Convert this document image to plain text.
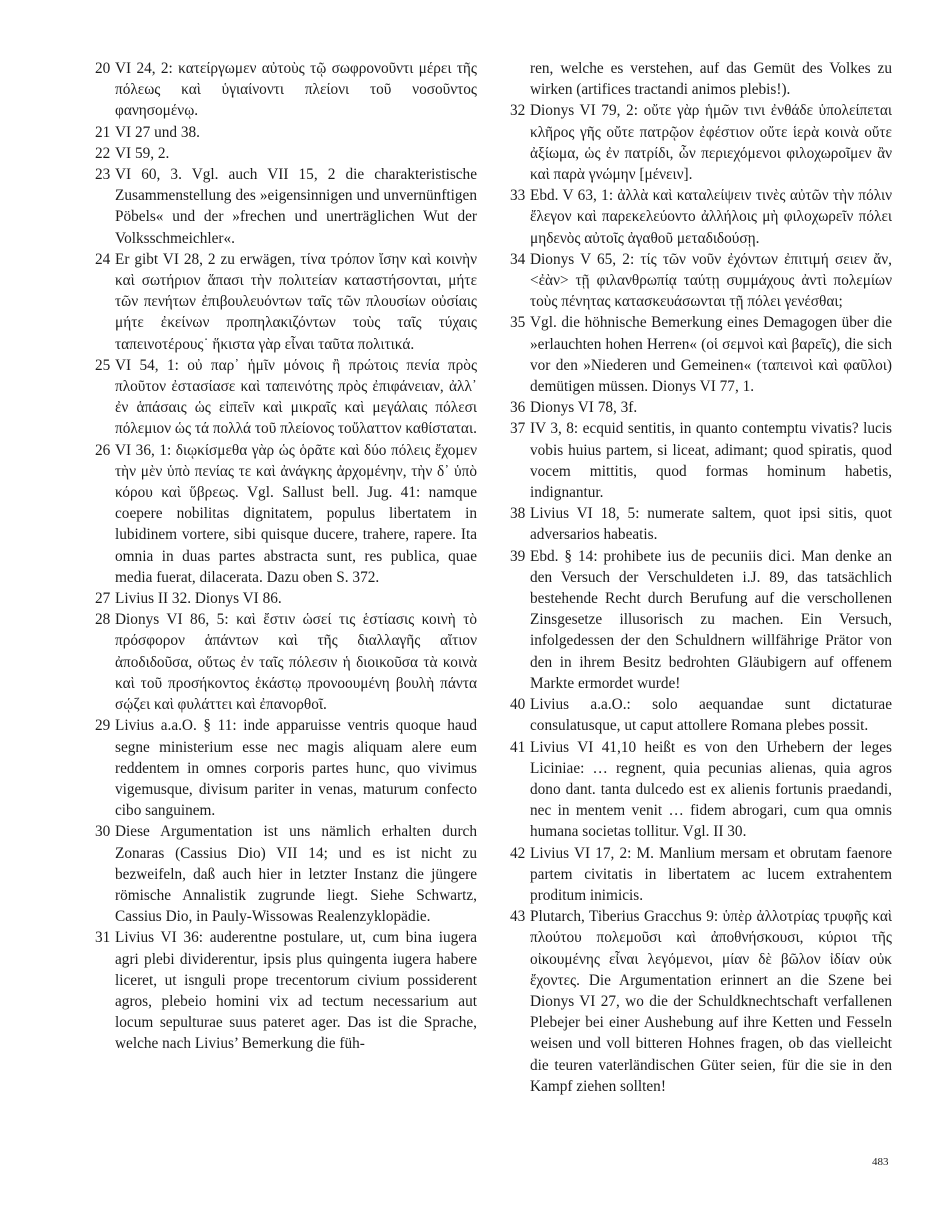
20 VI 24, 2: κατείργωμεν αὐτοὺς τῷ σωφρονοῦντι μέρει τῆς πόλεως καὶ ὑγιαίνοντι πλείονι τοῦ νοσοῦντος φανησομένῳ.

21 VI 27 und 38.

22 VI 59, 2.

23 VI 60, 3. Vgl. auch VII 15, 2 die charakteristische Zusammenstellung des »eigensinnigen und unvernünftigen Pöbels« und der »frechen und unerträglichen Wut der Volksschmeichler«.

24 Er gibt VI 28, 2 zu erwägen, τίνα τρόπον ἴσην καὶ κοινὴν καὶ σωτήριον ἅπασι τὴν πολιτείαν καταστήσονται, μήτε τῶν πενήτων ἐπιβουλευόντων ταῖς τῶν πλουσίων οὐσίαις μήτε ἐκείνων προπηλακιζόντων τοὺς ταῖς τύχαις ταπεινοτέρους˙ ἥκιστα γὰρ εἶναι ταῦτα πολιτικά.

25 VI 54, 1: οὐ παρ᾽ ἡμῖν μόνοις ἢ πρώτοις πενία πρὸς πλοῦτον ἐστασίασε καὶ ταπεινότης πρὸς ἐπιφάνειαν, ἀλλ᾽ ἐν ἁπάσαις ὡς εἰπεῖν καὶ μικραῖς καὶ μεγάλαις πόλεσι πόλεμιον ὡς τά πολλά τοῦ πλείονος τοὔλαττον καθίσταται.

26 VI 36, 1: διῳκίσμεθα γὰρ ὡς ὁρᾶτε καὶ δύο πόλεις ἔχομεν τὴν μὲν ὑπὸ πενίας τε καὶ ἀνάγκης ἀρχομένην, τὴν δ᾽ ὑπὸ κόρου καὶ ὕβρεως. Vgl. Sallust bell. Jug. 41: namque coepere nobilitas dignitatem, populus libertatem in lubidinem vortere, sibi quisque ducere, trahere, rapere. Ita omnia in duas partes abstracta sunt, res publica, quae media fuerat, dilacerata. Dazu oben S. 372.

27 Livius II 32. Dionys VI 86.

28 Dionys VI 86, 5: καὶ ἔστιν ὡσεί τις ἑστίασις κοινὴ τὸ πρόσφορον ἁπάντων καὶ τῆς διαλλαγῆς αἴτιον ἀποδιδοῦσα, οὕτως ἐν ταῖς πόλεσιν ἡ διοικοῦσα τὰ κοινὰ καὶ τοῦ προσήκοντος ἑκάστῳ προνοουμένη βουλὴ πάντα σῴζει καὶ φυλάττει καὶ ἐπανορθοῖ.

29 Livius a.a.O. § 11: inde apparuisse ventris quoque haud segne ministerium esse nec magis aliquam alere eum reddentem in omnes corporis partes hunc, quo vivimus vigemusque, divisum pariter in venas, maturum confecto cibo sanguinem.

30 Diese Argumentation ist uns nämlich erhalten durch Zonaras (Cassius Dio) VII 14; und es ist nicht zu bezweifeln, daß auch hier in letzter Instanz die jüngere römische Annalistik zugrunde liegt. Siehe Schwartz, Cassius Dio, in Pauly-Wissowas Realenzyklopädie.

31 Livius VI 36: auderentne postulare, ut, cum bina iugera agri plebi dividerentur, ipsis plus quingenta iugera habere liceret, ut isnguli prope trecentorum civium possiderent agros, plebeio homini vix ad tectum necessarium aut locum sepulturae suus pateret ager. Das ist die Sprache, welche nach Livius’ Bemerkung die füh-

ren, welche es verstehen, auf das Gemüt des Volkes zu wirken (artifices tractandi animos plebis!).

32 Dionys VI 79, 2: οὔτε γὰρ ἡμῶν τινι ἐνθάδε ὑπολείπεται κλῆρος γῆς οὔτε πατρῷον ἐφέστιον οὔτε ἱερὰ κοινὰ οὔτε ἀξίωμα, ὡς ἐν πατρίδι, ὧν περιεχόμενοι φιλοχωροῖμεν ἂν καὶ παρὰ γνώμην [μένειν].

33 Ebd. V 63, 1: ἀλλὰ καὶ καταλείψειν τινὲς αὐτῶν τὴν πόλιν ἔλεγον καὶ παρεκελεύοντο ἀλλήλοις μὴ φιλοχωρεῖν πόλει μηδενὸς αὐτοῖς ἀγαθοῦ μεταδιδούσῃ.

34 Dionys V 65, 2: τίς τῶν νοῦν ἐχόντων ἐπιτιμή σειεν ἄν, <ἐὰν> τῇ φιλανθρωπίᾳ ταύτῃ συμμάχους ἀντὶ πολεμίων τοὺς πένητας κατασκευάσωνται τῇ πόλει γενέσθαι;

35 Vgl. die höhnische Bemerkung eines Demagogen über die »erlauchten hohen Herren« (οἱ σεμνοὶ καὶ βαρεῖς), die sich vor den »Niederen und Gemeinen« (ταπεινοὶ καὶ φαῦλοι) demütigen müssen. Dionys VI 77, 1.

36 Dionys VI 78, 3f.

37 IV 3, 8: ecquid sentitis, in quanto contemptu vivatis? lucis vobis huius partem, si liceat, adimant; quod spiratis, quod vocem mittitis, quod formas hominum habetis, indignantur.

38 Livius VI 18, 5: numerate saltem, quot ipsi sitis, quot adversarios habeatis.

39 Ebd. § 14: prohibete ius de pecuniis dici. Man denke an den Versuch der Verschuldeten i.J. 89, das tatsächlich bestehende Recht durch Berufung auf die verschollenen Zinsgesetze illusorisch zu machen. Ein Versuch, infolgedessen der den Schuldnern willfährige Prätor von den in ihrem Besitz bedrohten Gläubigern auf offenem Markte ermordet wurde!

40 Livius a.a.O.: solo aequandae sunt dictaturae consulatusque, ut caput attollere Romana plebes possit.

41 Livius VI 41,10 heißt es von den Urhebern der leges Liciniae: … regnent, quia pecunias alienas, quia agros dono dant. tanta dulcedo est ex alienis fortunis praedandi, nec in mentem venit … fidem abrogari, cum qua omnis humana societas tollitur. Vgl. II 30.

42 Livius VI 17, 2: M. Manlium mersam et obrutam faenore partem civitatis in libertatem ac lucem extrahentem proditum inimicis.

43 Plutarch, Tiberius Gracchus 9: ὑπὲρ ἀλλοτρίας τρυφῆς καὶ πλούτου πολεμοῦσι καὶ ἀποθνήσκουσι, κύριοι τῆς οἰκουμένης εἶναι λεγόμενοι, μίαν δὲ βῶλον ἰδίαν οὐκ ἔχοντες. Die Argumentation erinnert an die Szene bei Dionys VI 27, wo die der Schuldknechtschaft verfallenen Plebejer bei einer Aushebung auf ihre Ketten und Fesseln weisen und voll bitteren Hohnes fragen, ob das vielleicht die teuren vaterländischen Güter seien, für die sie in den Kampf ziehen sollten!

483
